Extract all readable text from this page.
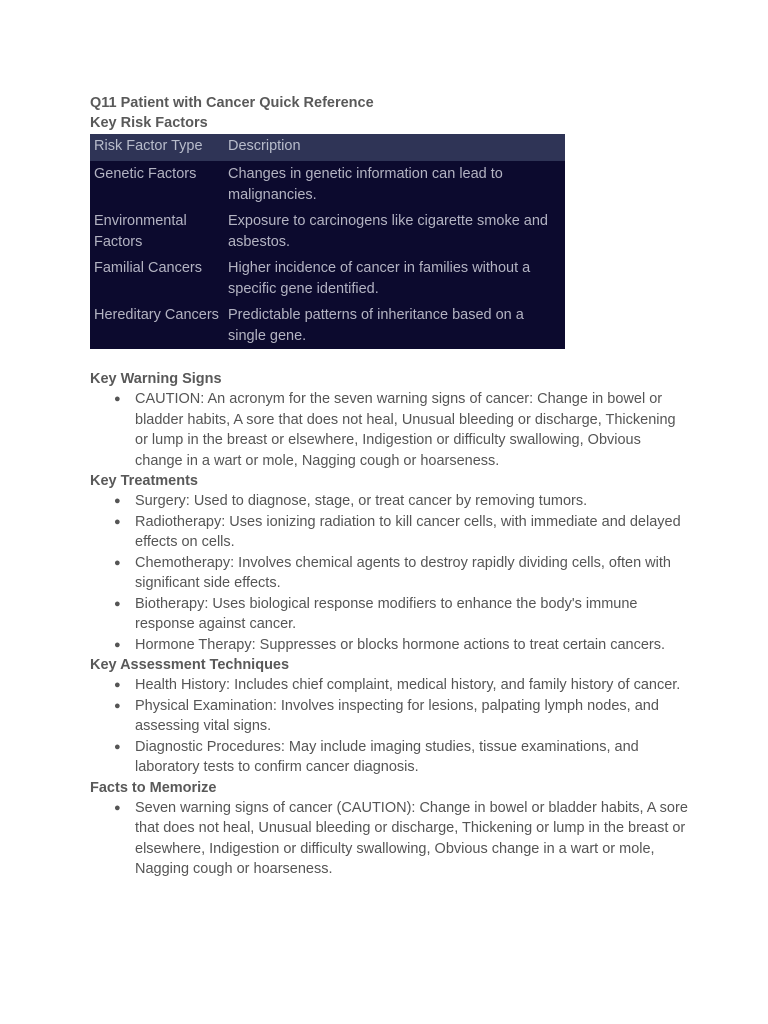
Q11 Patient with Cancer Quick Reference

Key Risk Factors

Risk Factor Type	Description
Genetic Factors	Changes in genetic information can lead to malignancies.
Environmental Factors	Exposure to carcinogens like cigarette smoke and asbestos.
Familial Cancers	Higher incidence of cancer in families without a specific gene identified.
Hereditary Cancers	Predictable patterns of inheritance based on a single gene.

Key Warning Signs

● CAUTION: An acronym for the seven warning signs of cancer: Change in bowel or bladder habits, A sore that does not heal, Unusual bleeding or discharge, Thickening or lump in the breast or elsewhere, Indigestion or difficulty swallowing, Obvious change in a wart or mole, Nagging cough or hoarseness.

Key Treatments

● Surgery: Used to diagnose, stage, or treat cancer by removing tumors.
● Radiotherapy: Uses ionizing radiation to kill cancer cells, with immediate and delayed effects on cells.
● Chemotherapy: Involves chemical agents to destroy rapidly dividing cells, often with significant side effects.
● Biotherapy: Uses biological response modifiers to enhance the body's immune response against cancer.
● Hormone Therapy: Suppresses or blocks hormone actions to treat certain cancers.

Key Assessment Techniques

● Health History: Includes chief complaint, medical history, and family history of cancer.
● Physical Examination: Involves inspecting for lesions, palpating lymph nodes, and assessing vital signs.
● Diagnostic Procedures: May include imaging studies, tissue examinations, and laboratory tests to confirm cancer diagnosis.

Facts to Memorize

● Seven warning signs of cancer (CAUTION): Change in bowel or bladder habits, A sore that does not heal, Unusual bleeding or discharge, Thickening or lump in the breast or elsewhere, Indigestion or difficulty swallowing, Obvious change in a wart or mole, Nagging cough or hoarseness.
